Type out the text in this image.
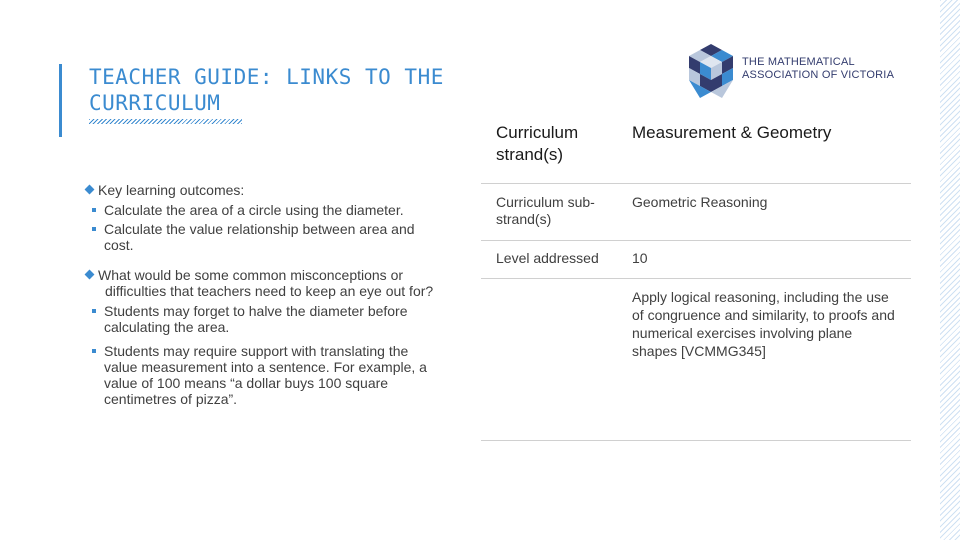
TEACHER GUIDE: LINKS TO THE CURRICULUM
THE MATHEMATICAL
ASSOCIATION OF VICTORIA
Key learning outcomes:
Calculate the area of a circle using the diameter.
Calculate the value relationship between area and cost.
What would be some common misconceptions or difficulties that teachers need to keep an eye out for?
Students may forget to halve the diameter before calculating the area.
Students may require support with translating the value measurement into a sentence. For example, a value of 100 means “a dollar buys 100 square centimetres of pizza”.
Curriculum strand(s)
Measurement & Geometry
Curriculum sub-strand(s)
Geometric Reasoning
Level addressed	10
Apply logical reasoning, including the use of congruence and similarity, to proofs and numerical exercises involving plane shapes [VCMMG345]
